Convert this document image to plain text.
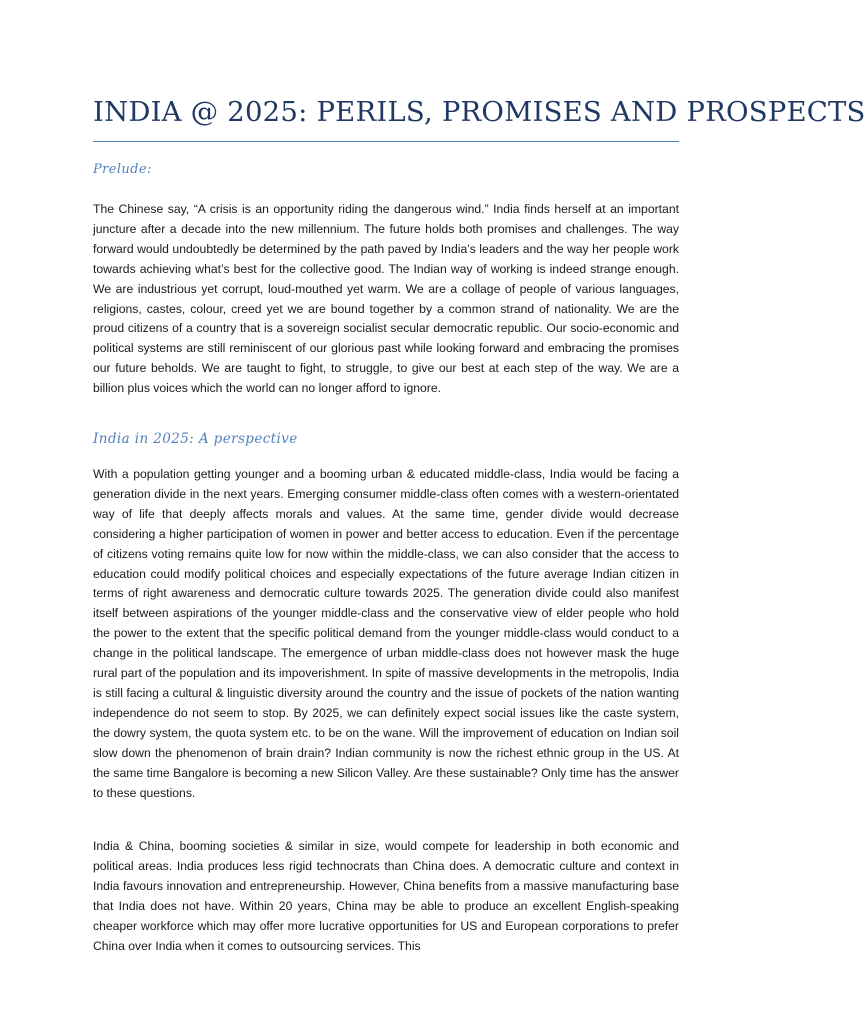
INDIA @ 2025: PERILS, PROMISES AND PROSPECTS
Prelude:

The Chinese say, “A crisis is an opportunity riding the dangerous wind.” India finds herself at an important juncture after a decade into the new millennium. The future holds both promises and challenges. The way forward would undoubtedly be determined by the path paved by India’s leaders and the way her people work towards achieving what’s best for the collective good. The Indian way of working is indeed strange enough. We are industrious yet corrupt, loud-mouthed yet warm. We are a collage of people of various languages, religions, castes, colour, creed yet we are bound together by a common strand of nationality. We are the proud citizens of a country that is a sovereign socialist secular democratic republic. Our socio-economic and political systems are still reminiscent of our glorious past while looking forward and embracing the promises our future beholds. We are taught to fight, to struggle, to give our best at each step of the way. We are a billion plus voices which the world can no longer afford to ignore.

India in 2025: A perspective

With a population getting younger and a booming urban & educated middle-class, India would be facing a generation divide in the next years. Emerging consumer middle-class often comes with a western-orientated way of life that deeply affects morals and values. At the same time, gender divide would decrease considering a higher participation of women in power and better access to education. Even if the percentage of citizens voting remains quite low for now within the middle-class, we can also consider that the access to education could modify political choices and especially expectations of the future average Indian citizen in terms of right awareness and democratic culture towards 2025. The generation divide could also manifest itself between aspirations of the younger middle-class and the conservative view of elder people who hold the power to the extent that the specific political demand from the younger middle-class would conduct to a change in the political landscape. The emergence of urban middle-class does not however mask the huge rural part of the population and its impoverishment. In spite of massive developments in the metropolis, India is still facing a cultural & linguistic diversity around the country and the issue of pockets of the nation wanting independence do not seem to stop. By 2025, we can definitely expect social issues like the caste system, the dowry system, the quota system etc. to be on the wane. Will the improvement of education on Indian soil slow down the phenomenon of brain drain? Indian community is now the richest ethnic group in the US. At the same time Bangalore is becoming a new Silicon Valley. Are these sustainable? Only time has the answer to these questions.

India & China, booming societies & similar in size, would compete for leadership in both economic and political areas. India produces less rigid technocrats than China does. A democratic culture and context in India favours innovation and entrepreneurship. However, China benefits from a massive manufacturing base that India does not have. Within 20 years, China may be able to produce an excellent English-speaking cheaper workforce which may offer more lucrative opportunities for US and European corporations to prefer China over India when it comes to outsourcing services. This
